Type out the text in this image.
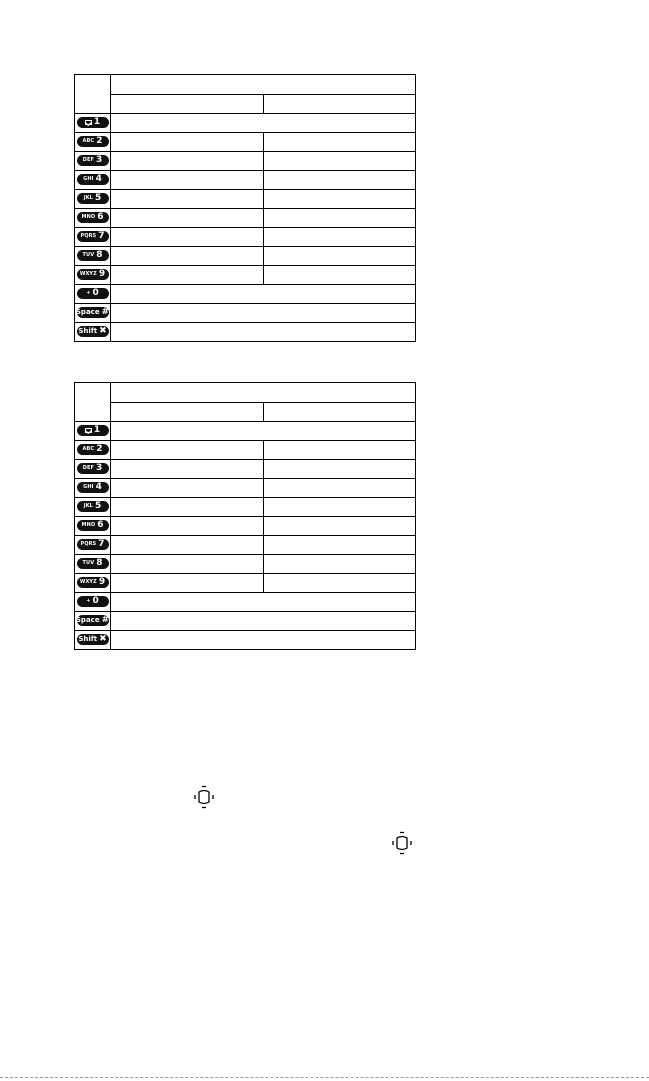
1		

ABC 2		

DEF 3		

GHI 4		

JKL 5		

MNO 6		

PQRS 7		

TUV 8		

WXYZ 9		

+ 0		

Space #		

Shift ✖		

1		

ABC 2		

DEF 3		

GHI 4		

JKL 5		

MNO 6		

PQRS 7		

TUV 8		

WXYZ 9		

+ 0		

Space #		

Shift ✖		
